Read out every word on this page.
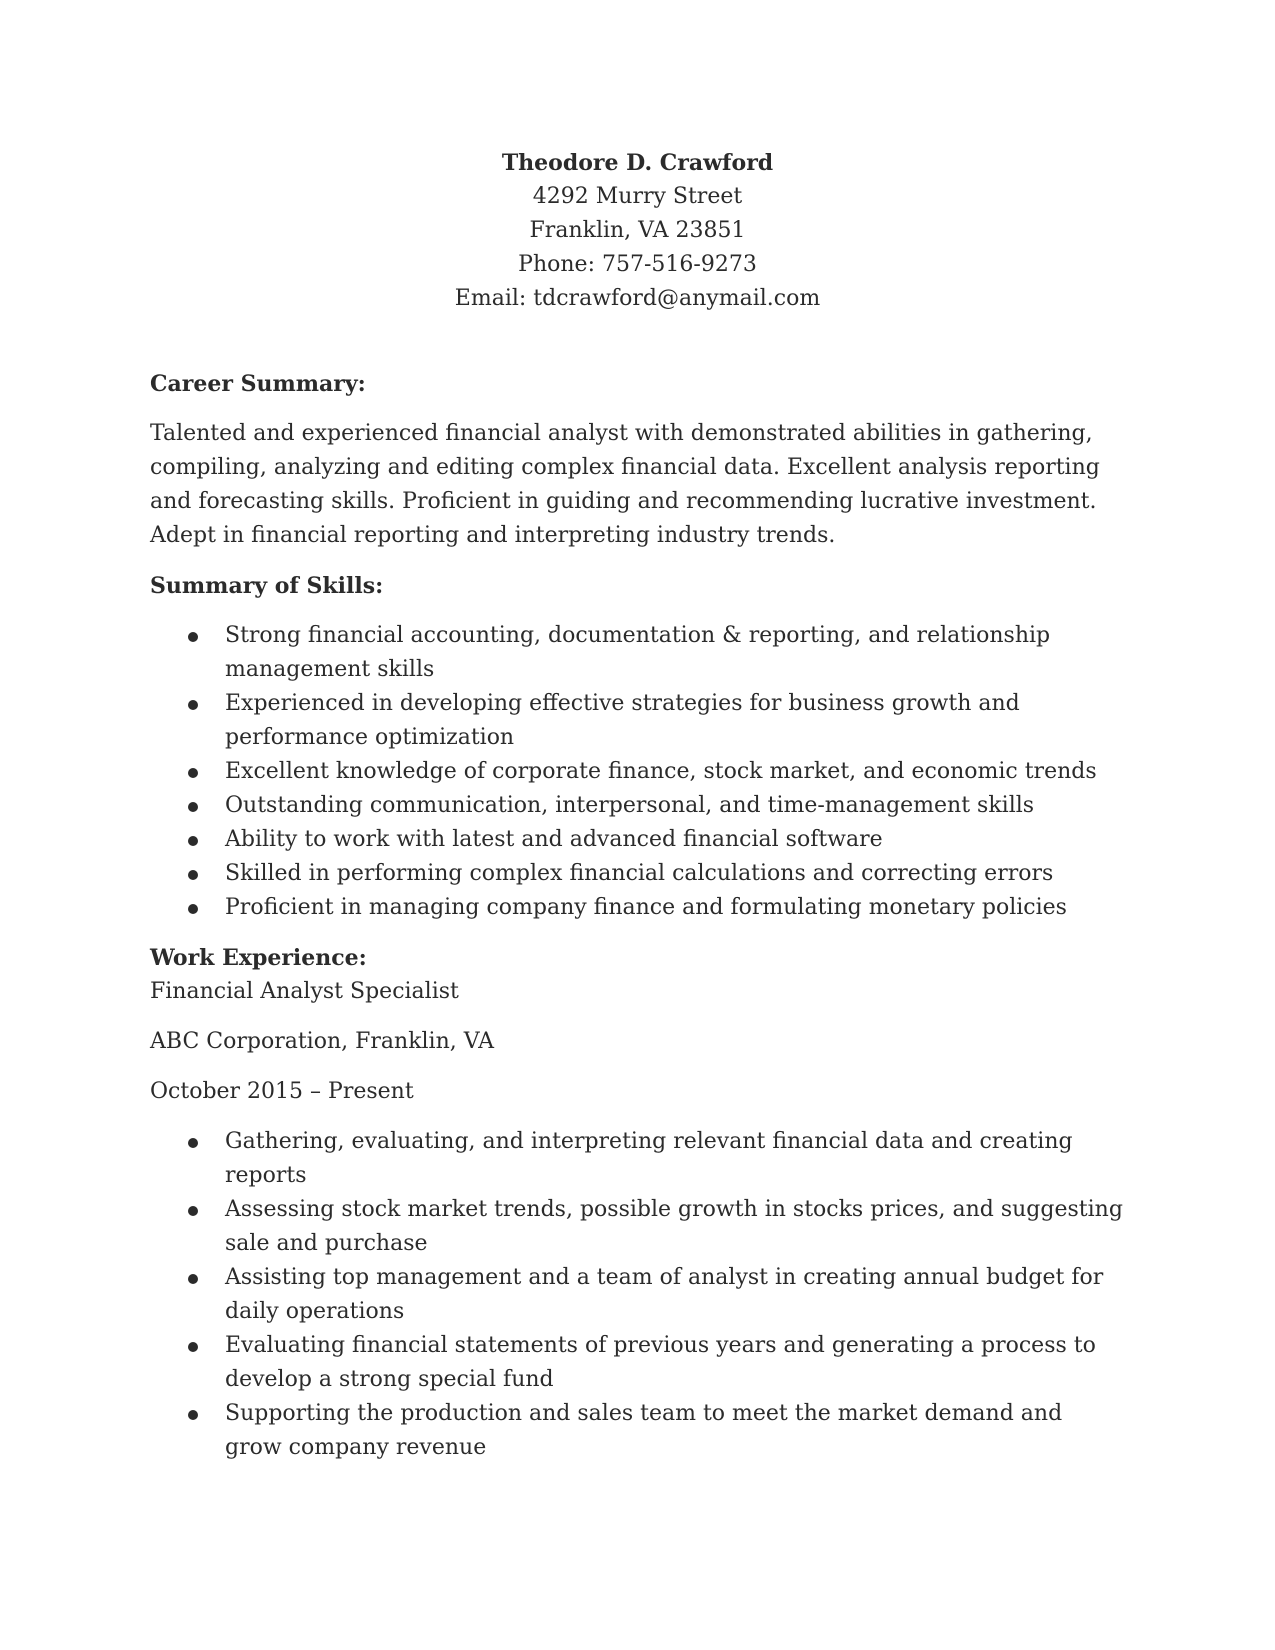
Theodore D. Crawford
4292 Murry Street
Franklin, VA 23851
Phone: 757-516-9273
Email: tdcrawford@anymail.com
Career Summary:

Talented and experienced financial analyst with demonstrated abilities in gathering, compiling, analyzing and editing complex financial data. Excellent analysis reporting and forecasting skills. Proficient in guiding and recommending lucrative investment. Adept in financial reporting and interpreting industry trends.

Summary of Skills:
Strong financial accounting, documentation & reporting, and relationship management skills
Experienced in developing effective strategies for business growth and performance optimization
Excellent knowledge of corporate finance, stock market, and economic trends
Outstanding communication, interpersonal, and time-management skills
Ability to work with latest and advanced financial software
Skilled in performing complex financial calculations and correcting errors
Proficient in managing company finance and formulating monetary policies
Work Experience:
Financial Analyst Specialist
ABC Corporation, Franklin, VA
October 2015 – Present
Gathering, evaluating, and interpreting relevant financial data and creating reports
Assessing stock market trends, possible growth in stocks prices, and suggesting sale and purchase
Assisting top management and a team of analyst in creating annual budget for daily operations
Evaluating financial statements of previous years and generating a process to develop a strong special fund
Supporting the production and sales team to meet the market demand and grow company revenue
